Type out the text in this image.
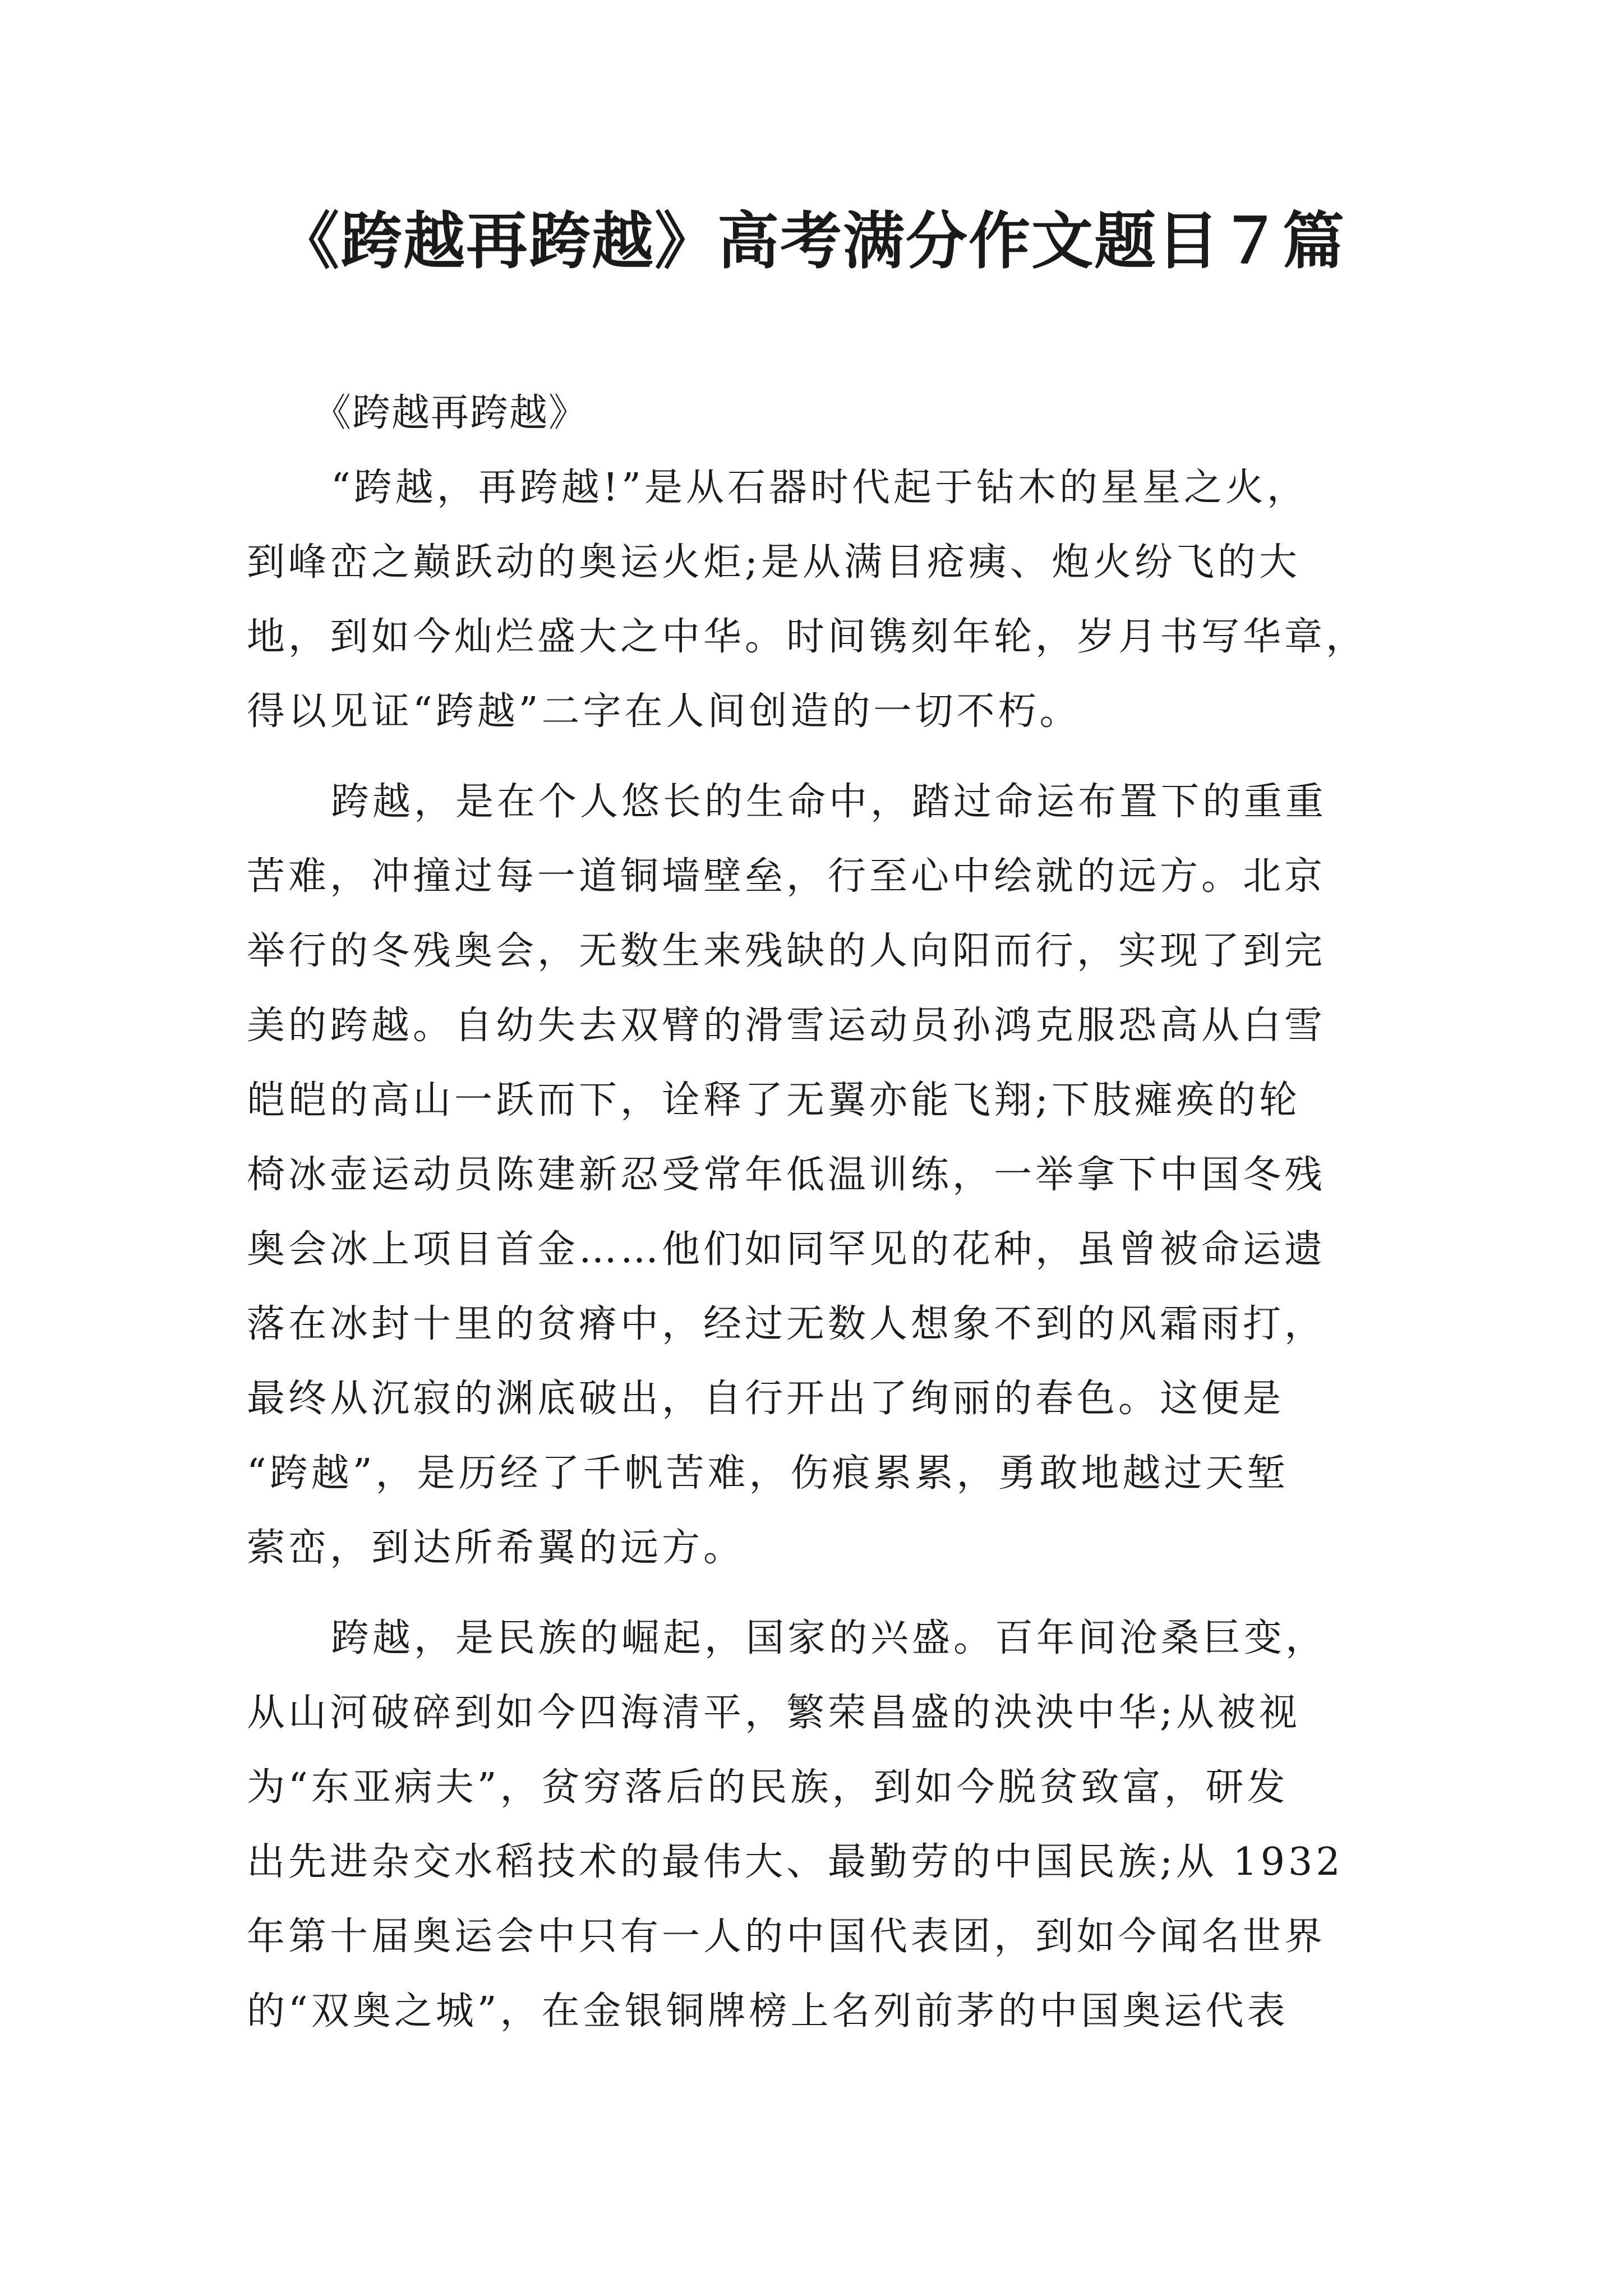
《跨越再跨越》高考满分作文题目７篇

《跨越再跨越》

“跨越，再跨越!”是从石器时代起于钻木的星星之火，

到峰峦之巅跃动的奥运火炬;是从满目疮痍、炮火纷飞的大

地，到如今灿烂盛大之中华。时间镌刻年轮，岁月书写华章，

得以见证“跨越”二字在人间创造的一切不朽。

跨越，是在个人悠长的生命中，踏过命运布置下的重重

苦难，冲撞过每一道铜墙壁垒，行至心中绘就的远方。北京

举行的冬残奥会，无数生来残缺的人向阳而行，实现了到完

美的跨越。自幼失去双臂的滑雪运动员孙鸿克服恐高从白雪

皑皑的高山一跃而下，诠释了无翼亦能飞翔;下肢瘫痪的轮

椅冰壶运动员陈建新忍受常年低温训练，一举拿下中国冬残

奥会冰上项目首金……他们如同罕见的花种，虽曾被命运遗

落在冰封十里的贫瘠中，经过无数人想象不到的风霜雨打，

最终从沉寂的渊底破出，自行开出了绚丽的春色。这便是

“跨越”，是历经了千帆苦难，伤痕累累，勇敢地越过天堑

萦峦，到达所希翼的远方。

跨越，是民族的崛起，国家的兴盛。百年间沧桑巨变，

从山河破碎到如今四海清平，繁荣昌盛的泱泱中华;从被视

为“东亚病夫”，贫穷落后的民族，到如今脱贫致富，研发

出先进杂交水稻技术的最伟大、最勤劳的中国民族;从 1932

年第十届奥运会中只有一人的中国代表团，到如今闻名世界

的“双奥之城”，在金银铜牌榜上名列前茅的中国奥运代表
